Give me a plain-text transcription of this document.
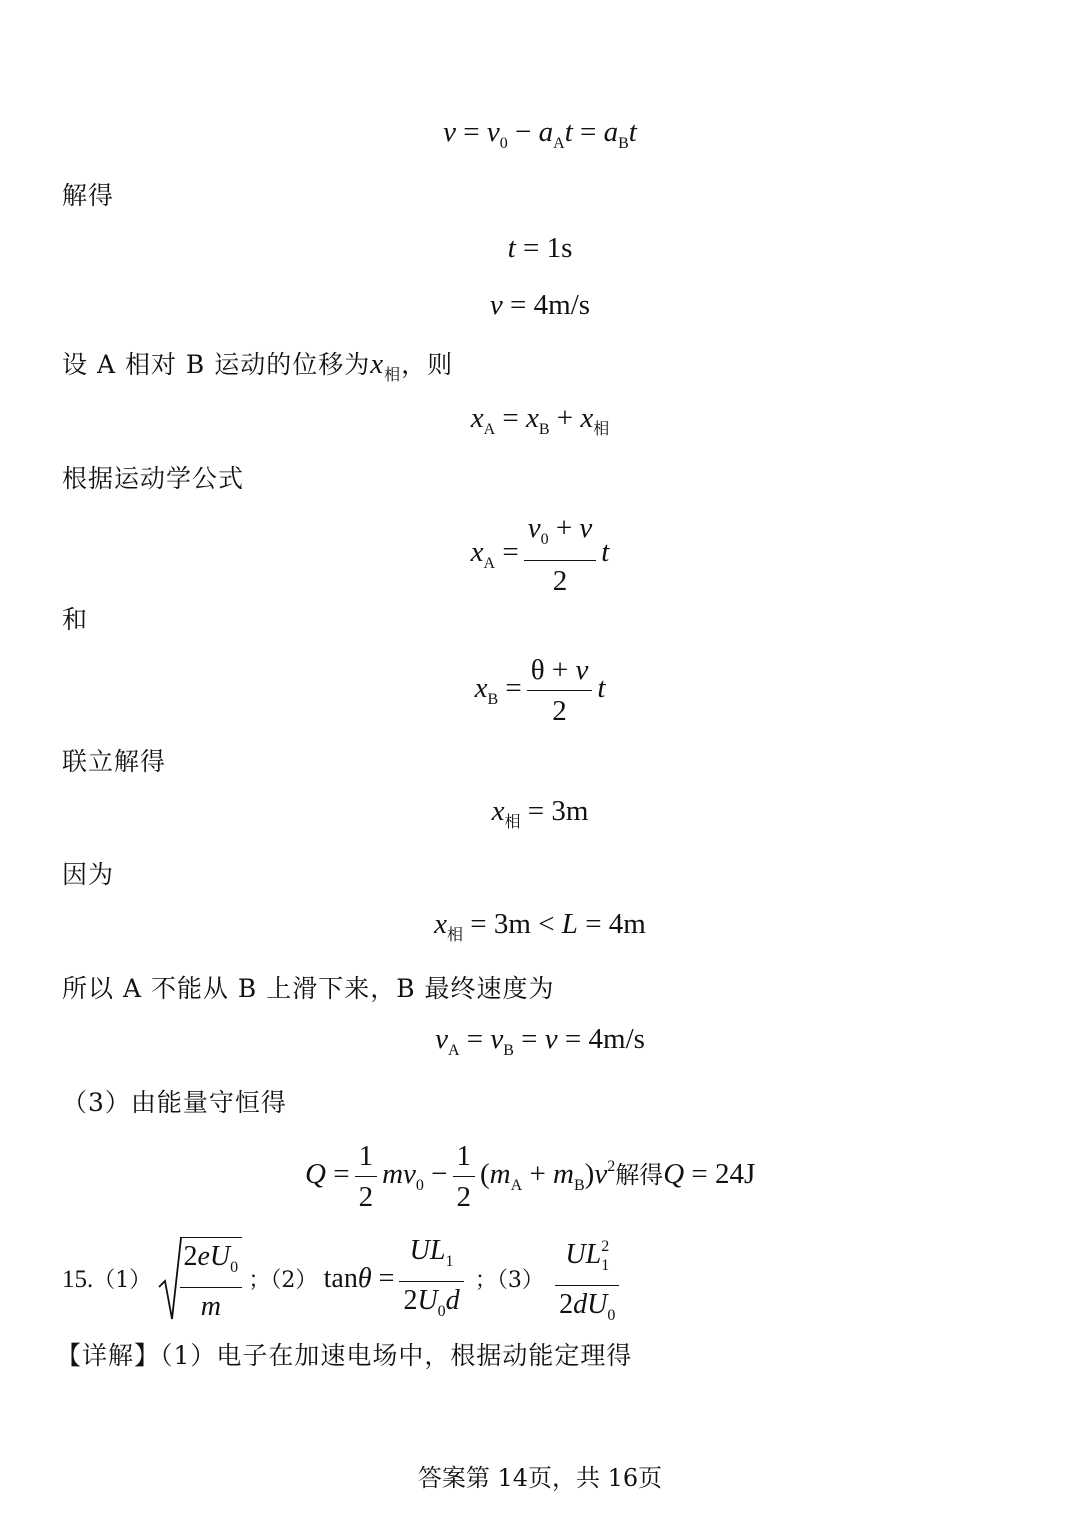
$v = v_0 - a_At = a_Bt$
解得
t = 1s
v = 4m/s
设 A 相对 B 运动的位移为$x_相$，则
$x_A = x_B + x_相$
根据运动学公式
$x_A = \frac{v_0 + v}{2}$ t
和
$x_B = \frac{\theta + v}{2}$ t
联立解得
$x_相 = 3m$
因为
$x_相 = 3m < L = 4m$
所以 A 不能从 B 上滑下来，B 最终速度为
$v_A = v_B = v = 4m/s$
（3）由能量守恒得
$Q = \frac{1}{2} mv_0 - \frac{1}{2} (m_A + m_B)v^2$解得Q = 24J
$15.(1) \frac{2eU_0}{m}$ ；（2） $\tan\theta = \frac{UL_1}{2U_0d}$ ；$(3) \frac{UL_1^2}{2dU_0}$
【详解】（1）电子在加速电场中，根据动能定理得
答案第 14页，共 16页
